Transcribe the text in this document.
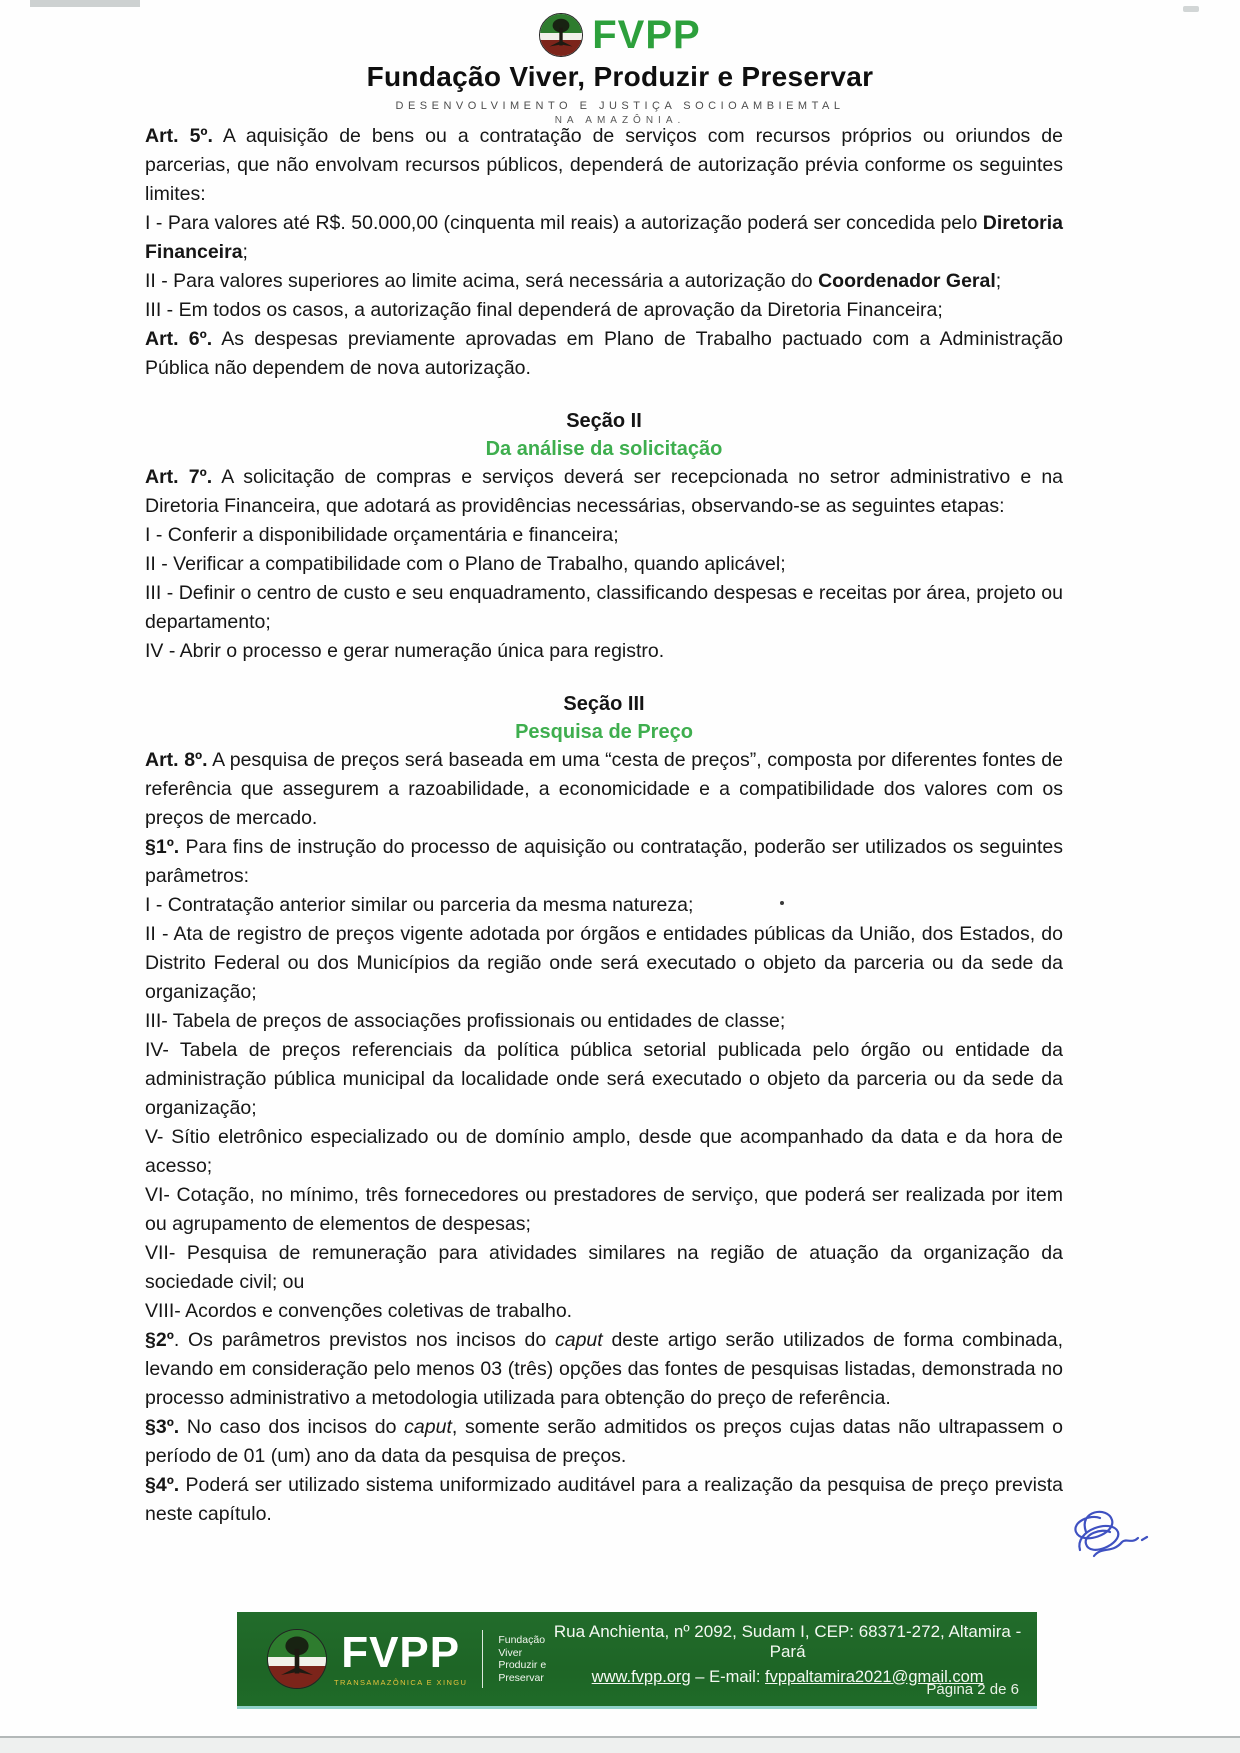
FVPP
Fundação Viver, Produzir e Preservar
DESENVOLVIMENTO E JUSTIÇA SOCIOAMBIEMTAL
NA AMAZÔNIA.

Art. 5º. A aquisição de bens ou a contratação de serviços com recursos próprios ou oriundos de parcerias, que não envolvam recursos públicos, dependerá de autorização prévia conforme os seguintes limites:

I - Para valores até R$. 50.000,00 (cinquenta mil reais) a autorização poderá ser concedida pelo Diretoria Financeira;

II - Para valores superiores ao limite acima, será necessária a autorização do Coordenador Geral;

III - Em todos os casos, a autorização final dependerá de aprovação da Diretoria Financeira;

Art. 6º. As despesas previamente aprovadas em Plano de Trabalho pactuado com a Administração Pública não dependem de nova autorização.

Seção II
Da análise da solicitação

Art. 7º. A solicitação de compras e serviços deverá ser recepcionada no setror administrativo e na Diretoria Financeira, que adotará as providências necessárias, observando-se as seguintes etapas:

I - Conferir a disponibilidade orçamentária e financeira;

II - Verificar a compatibilidade com o Plano de Trabalho, quando aplicável;

III - Definir o centro de custo e seu enquadramento, classificando despesas e receitas por área, projeto ou departamento;

IV - Abrir o processo e gerar numeração única para registro.

Seção III
Pesquisa de Preço

Art. 8º. A pesquisa de preços será baseada em uma “cesta de preços”, composta por diferentes fontes de referência que assegurem a razoabilidade, a economicidade e a compatibilidade dos valores com os preços de mercado.

§1º. Para fins de instrução do processo de aquisição ou contratação, poderão ser utilizados os seguintes parâmetros:

I - Contratação anterior similar ou parceria da mesma natureza;

II - Ata de registro de preços vigente adotada por órgãos e entidades públicas da União, dos Estados, do Distrito Federal ou dos Municípios da região onde será executado o objeto da parceria ou da sede da organização;

III- Tabela de preços de associações profissionais ou entidades de classe;

IV- Tabela de preços referenciais da política pública setorial publicada pelo órgão ou entidade da administração pública municipal da localidade onde será executado o objeto da parceria ou da sede da organização;

V- Sítio eletrônico especializado ou de domínio amplo, desde que acompanhado da data e da hora de acesso;

VI- Cotação, no mínimo, três fornecedores ou prestadores de serviço, que poderá ser realizada por item ou agrupamento de elementos de despesas;

VII- Pesquisa de remuneração para atividades similares na região de atuação da organização da sociedade civil; ou

VIII- Acordos e convenções coletivas de trabalho.

§2º. Os parâmetros previstos nos incisos do caput deste artigo serão utilizados de forma combinada, levando em consideração pelo menos 03 (três) opções das fontes de pesquisas listadas, demonstrada no processo administrativo a metodologia utilizada para obtenção do preço de referência.

§3º. No caso dos incisos do caput, somente serão admitidos os preços cujas datas não ultrapassem o período de 01 (um) ano da data da pesquisa de preços.

§4º. Poderá ser utilizado sistema uniformizado auditável para a realização da pesquisa de preço prevista neste capítulo.

FVPP
TRANSAMAZÔNICA E XINGU
Fundação
Viver
Produzir e
Preservar
Rua Anchienta, nº 2092, Sudam I, CEP: 68371-272, Altamira - Pará
www.fvpp.org – E-mail: fvppaltamira2021@gmail.com
Página 2 de 6
